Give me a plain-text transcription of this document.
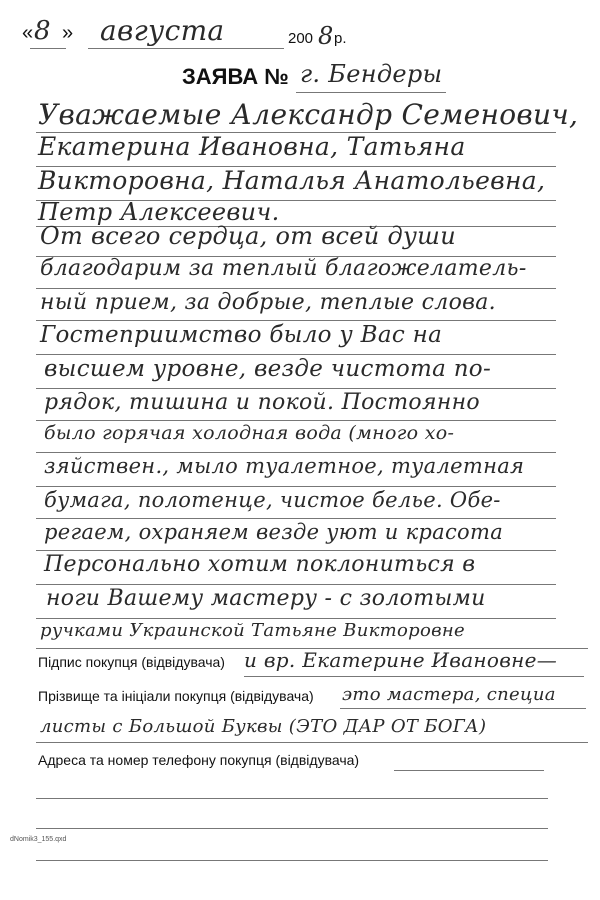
« 8 » августа	200 8 р.
ЗАЯВА № г. Бендеры
Уважаемые Александр Семенович,
Екатерина Ивановна, Татьяна
Викторовна, Наталья Анатольевна,
Петр Алексеевич.
От всего сердца, от всей души
благодарим за теплый благожелатель-
ный прием, за добрые, теплые слова.
Гостеприимство было у Вас на
высшем уровне, везде чистота по-
рядок, тишина и покой. Постоянно
было горячая холодная вода (много хо-
зяйствен., мыло туалетное, туалетная
бумага, полотенце, чистое белье. Обе-
регаем, охраняем везде уют и красота
Персонально хотим поклониться в
ноги Вашему мастеру - с золотыми
ручками Украинской Татьяне Викторовне
Підпис покупця (відвідувача) и вр. Екатерине Ивановне—
Прізвище та ініціали покупця (відвідувача) это мастера, специа
листы с Большой Буквы (ЭТО ДАР ОТ БОГА)
Адреса та номер телефону покупця (відвідувача)
dNomik3_155.qxd
